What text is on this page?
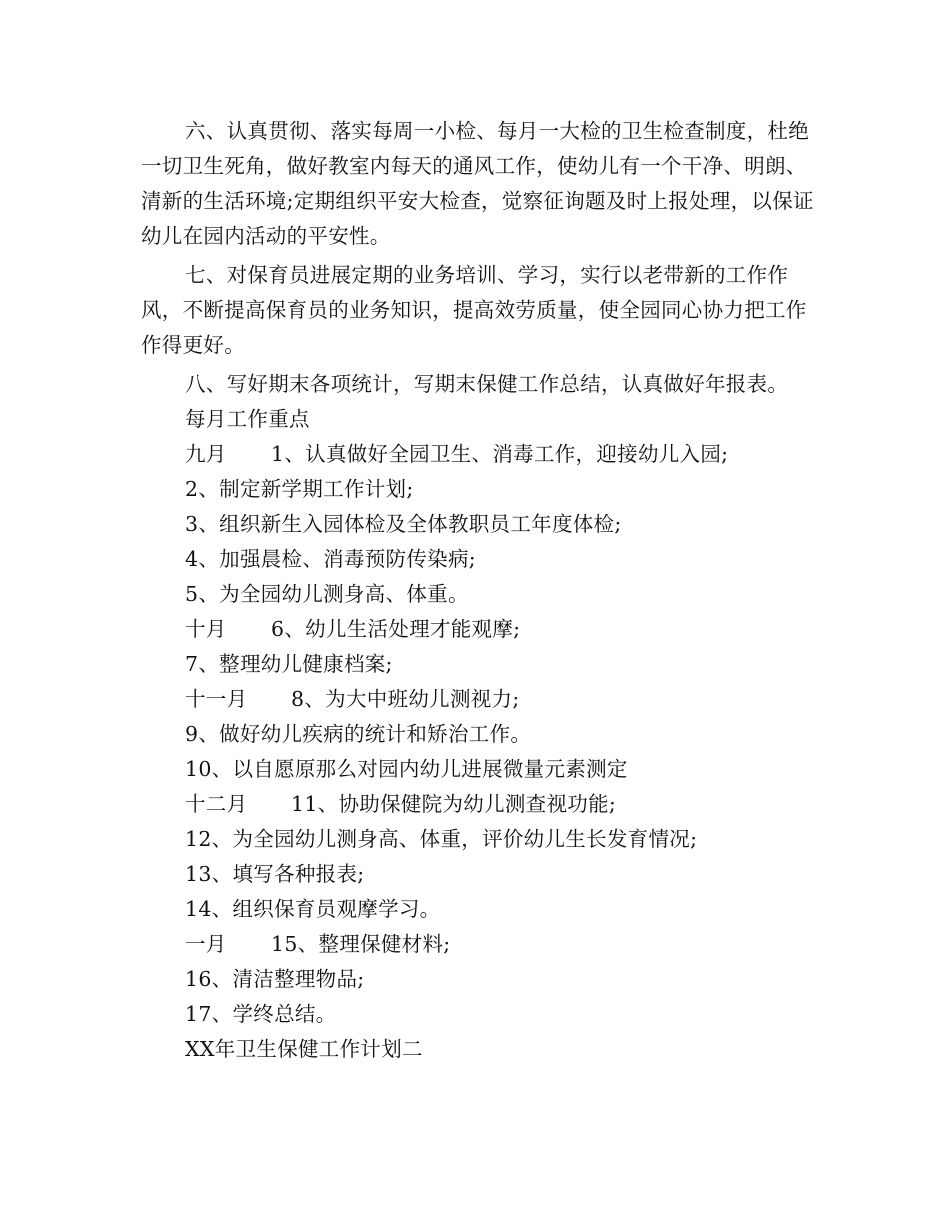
六、认真贯彻、落实每周一小检、每月一大检的卫生检查制度，杜绝一切卫生死角，做好教室内每天的通风工作，使幼儿有一个干净、明朗、清新的生活环境;定期组织平安大检查，觉察征询题及时上报处理，以保证幼儿在园内活动的平安性。

七、对保育员进展定期的业务培训、学习，实行以老带新的工作作风，不断提高保育员的业务知识，提高效劳质量，使全园同心协力把工作作得更好。

八、写好期末各项统计，写期末保健工作总结，认真做好年报表。

每月工作重点

九月 1、认真做好全园卫生、消毒工作，迎接幼儿入园;

2、制定新学期工作计划;

3、组织新生入园体检及全体教职员工年度体检;

4、加强晨检、消毒预防传染病;

5、为全园幼儿测身高、体重。

十月 6、幼儿生活处理才能观摩;

7、整理幼儿健康档案;

十一月 8、为大中班幼儿测视力;

9、做好幼儿疾病的统计和矫治工作。

10、以自愿原那么对园内幼儿进展微量元素测定

十二月 11、协助保健院为幼儿测查视功能;

12、为全园幼儿测身高、体重，评价幼儿生长发育情况;

13、填写各种报表;

14、组织保育员观摩学习。

一月 15、整理保健材料;

16、清洁整理物品;

17、学终总结。

XX年卫生保健工作计划二
